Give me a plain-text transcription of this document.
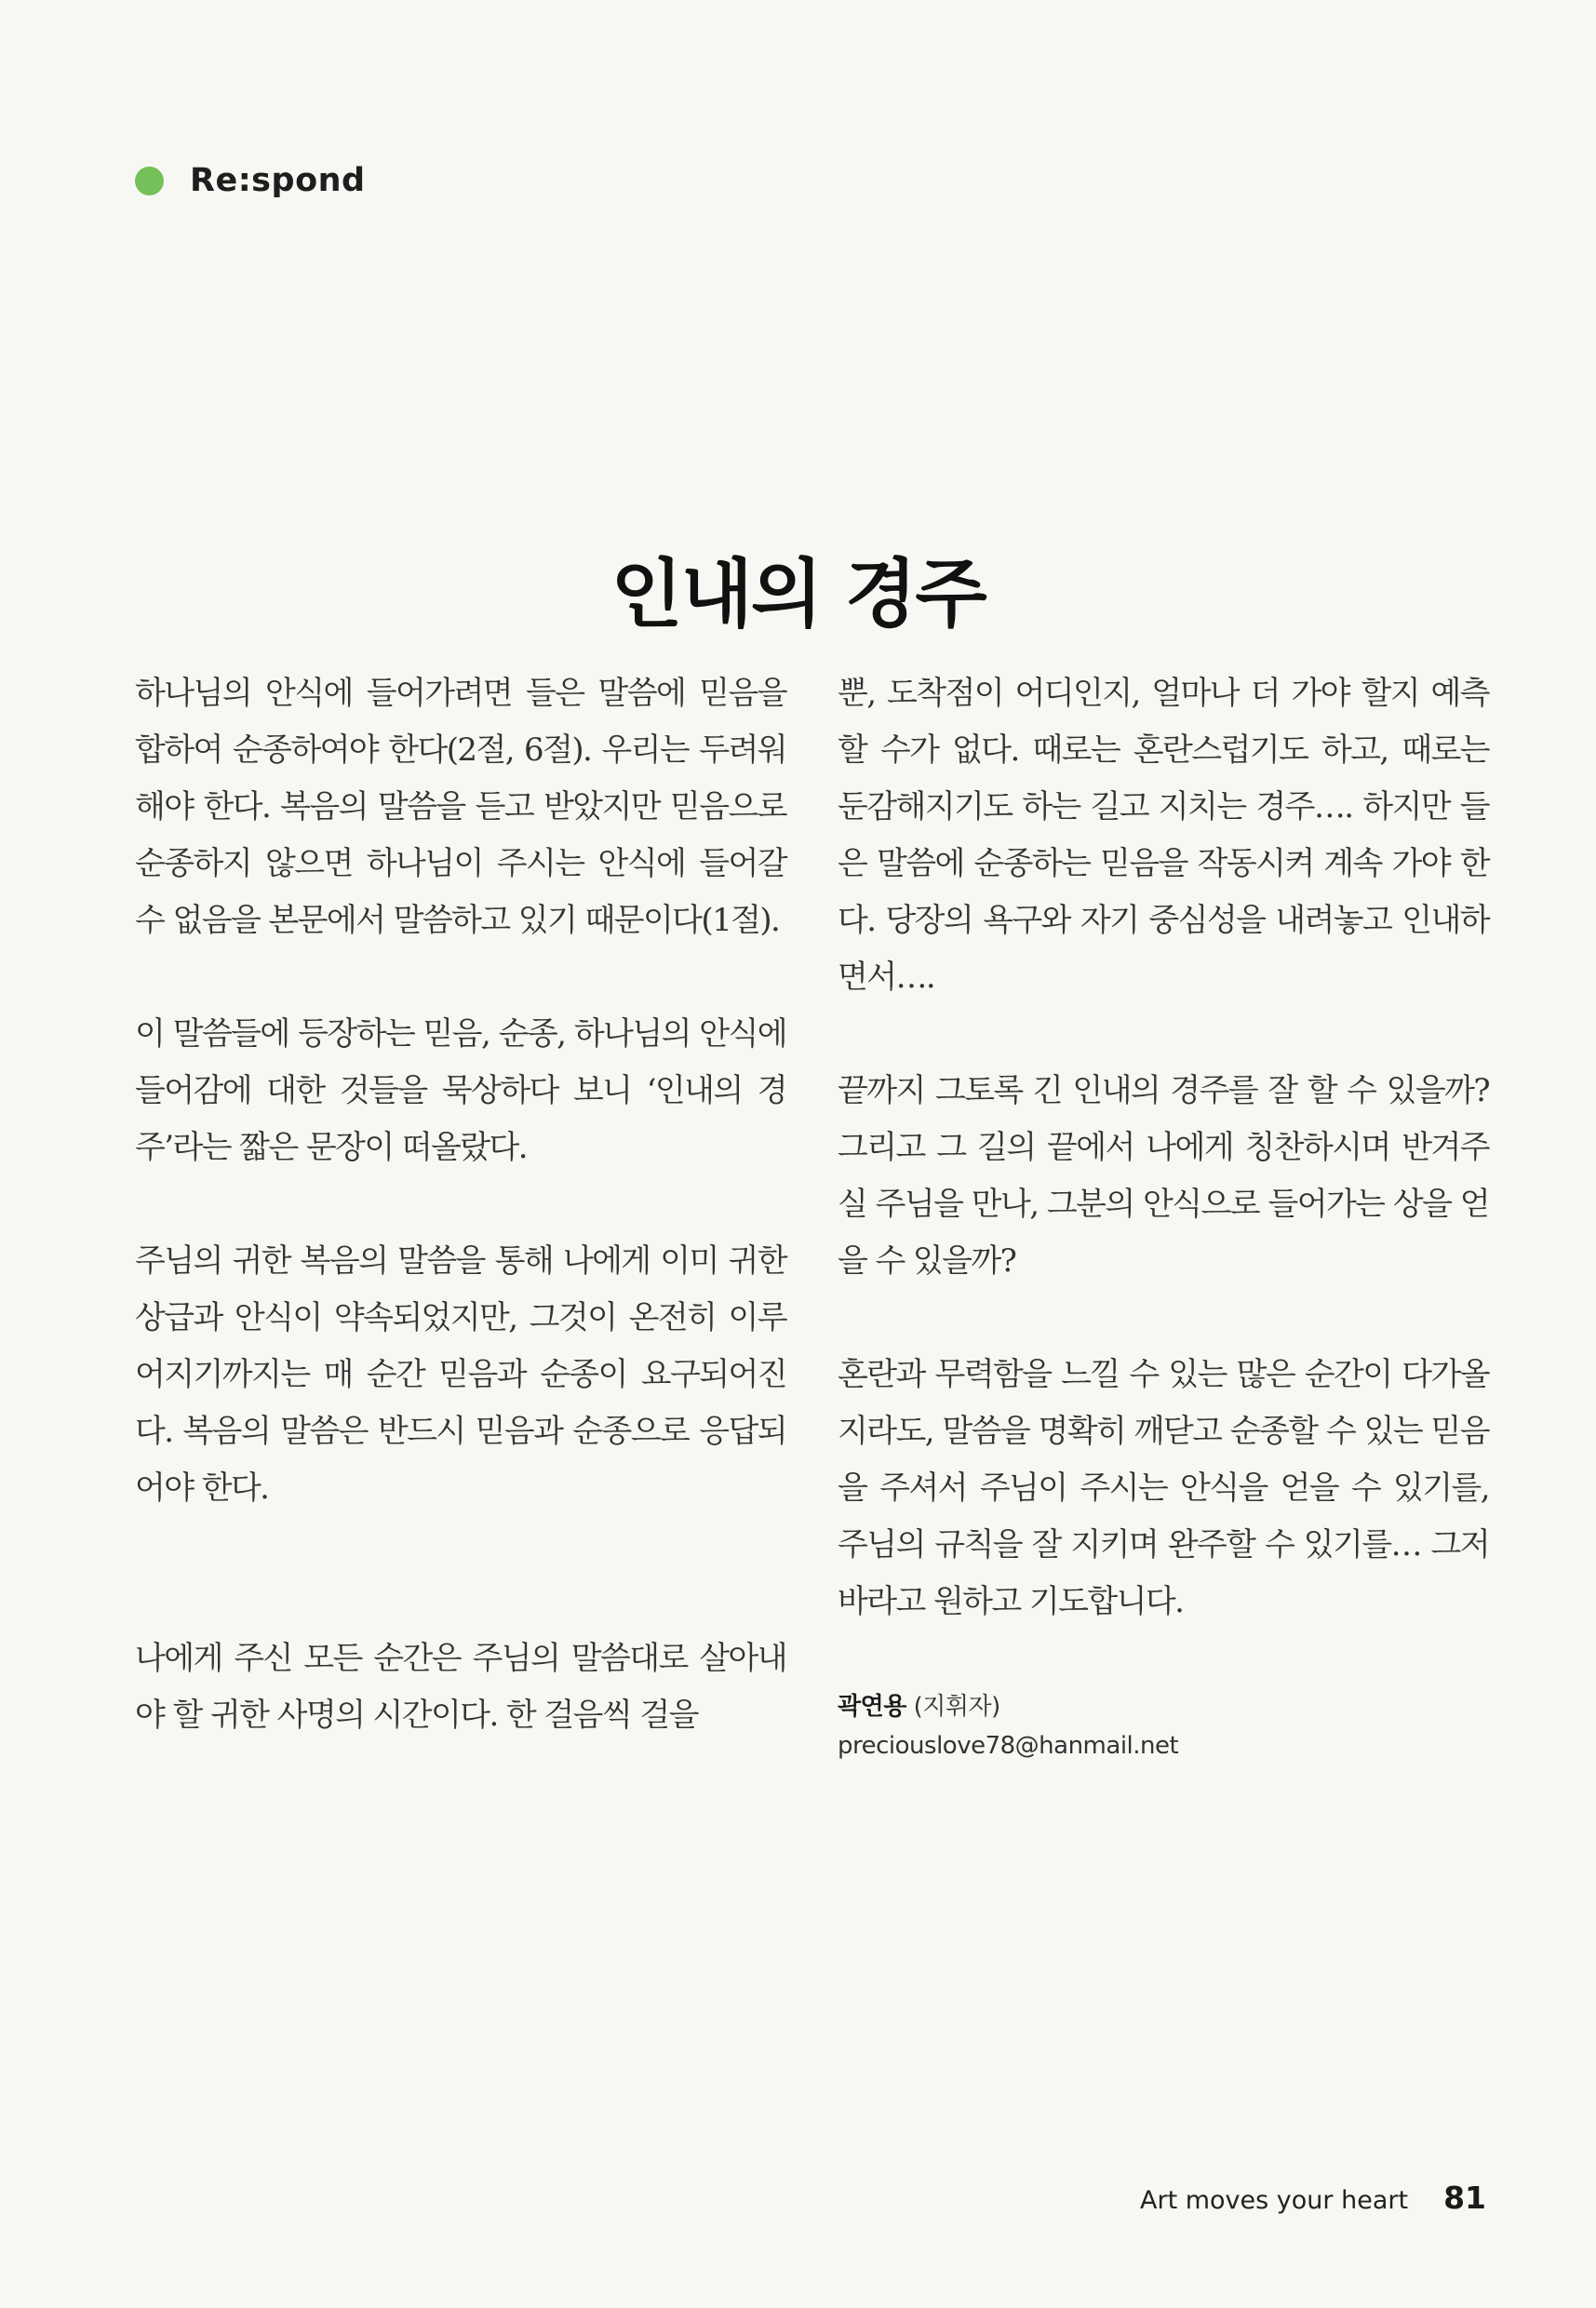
Re:spond
인내의 경주

하나님의 안식에 들어가려면 들은 말씀에 믿음을 합하여 순종하여야 한다(2절, 6절). 우리는 두려워해야 한다. 복음의 말씀을 듣고 받았지만 믿음으로 순종하지 않으면 하나님이 주시는 안식에 들어갈 수 없음을 본문에서 말씀하고 있기 때문이다(1절).

이 말씀들에 등장하는 믿음, 순종, 하나님의 안식에 들어감에 대한 것들을 묵상하다 보니 ‘인내의 경주’라는 짧은 문장이 떠올랐다.

주님의 귀한 복음의 말씀을 통해 나에게 이미 귀한 상급과 안식이 약속되었지만, 그것이 온전히 이루어지기까지는 매 순간 믿음과 순종이 요구되어진다. 복음의 말씀은 반드시 믿음과 순종으로 응답되어야 한다.

나에게 주신 모든 순간은 주님의 말씀대로 살아내야 할 귀한 사명의 시간이다. 한 걸음씩 걸을

뿐, 도착점이 어디인지, 얼마나 더 가야 할지 예측할 수가 없다. 때로는 혼란스럽기도 하고, 때로는 둔감해지기도 하는 길고 지치는 경주…. 하지만 들은 말씀에 순종하는 믿음을 작동시켜 계속 가야 한다. 당장의 욕구와 자기 중심성을 내려놓고 인내하면서….

끝까지 그토록 긴 인내의 경주를 잘 할 수 있을까? 그리고 그 길의 끝에서 나에게 칭찬하시며 반겨주실 주님을 만나, 그분의 안식으로 들어가는 상을 얻을 수 있을까?

혼란과 무력함을 느낄 수 있는 많은 순간이 다가올지라도, 말씀을 명확히 깨닫고 순종할 수 있는 믿음을 주셔서 주님이 주시는 안식을 얻을 수 있기를, 주님의 규칙을 잘 지키며 완주할 수 있기를… 그저 바라고 원하고 기도합니다.

곽연용 (지휘자)
preciouslove78@hanmail.net
Art moves your heart 81
